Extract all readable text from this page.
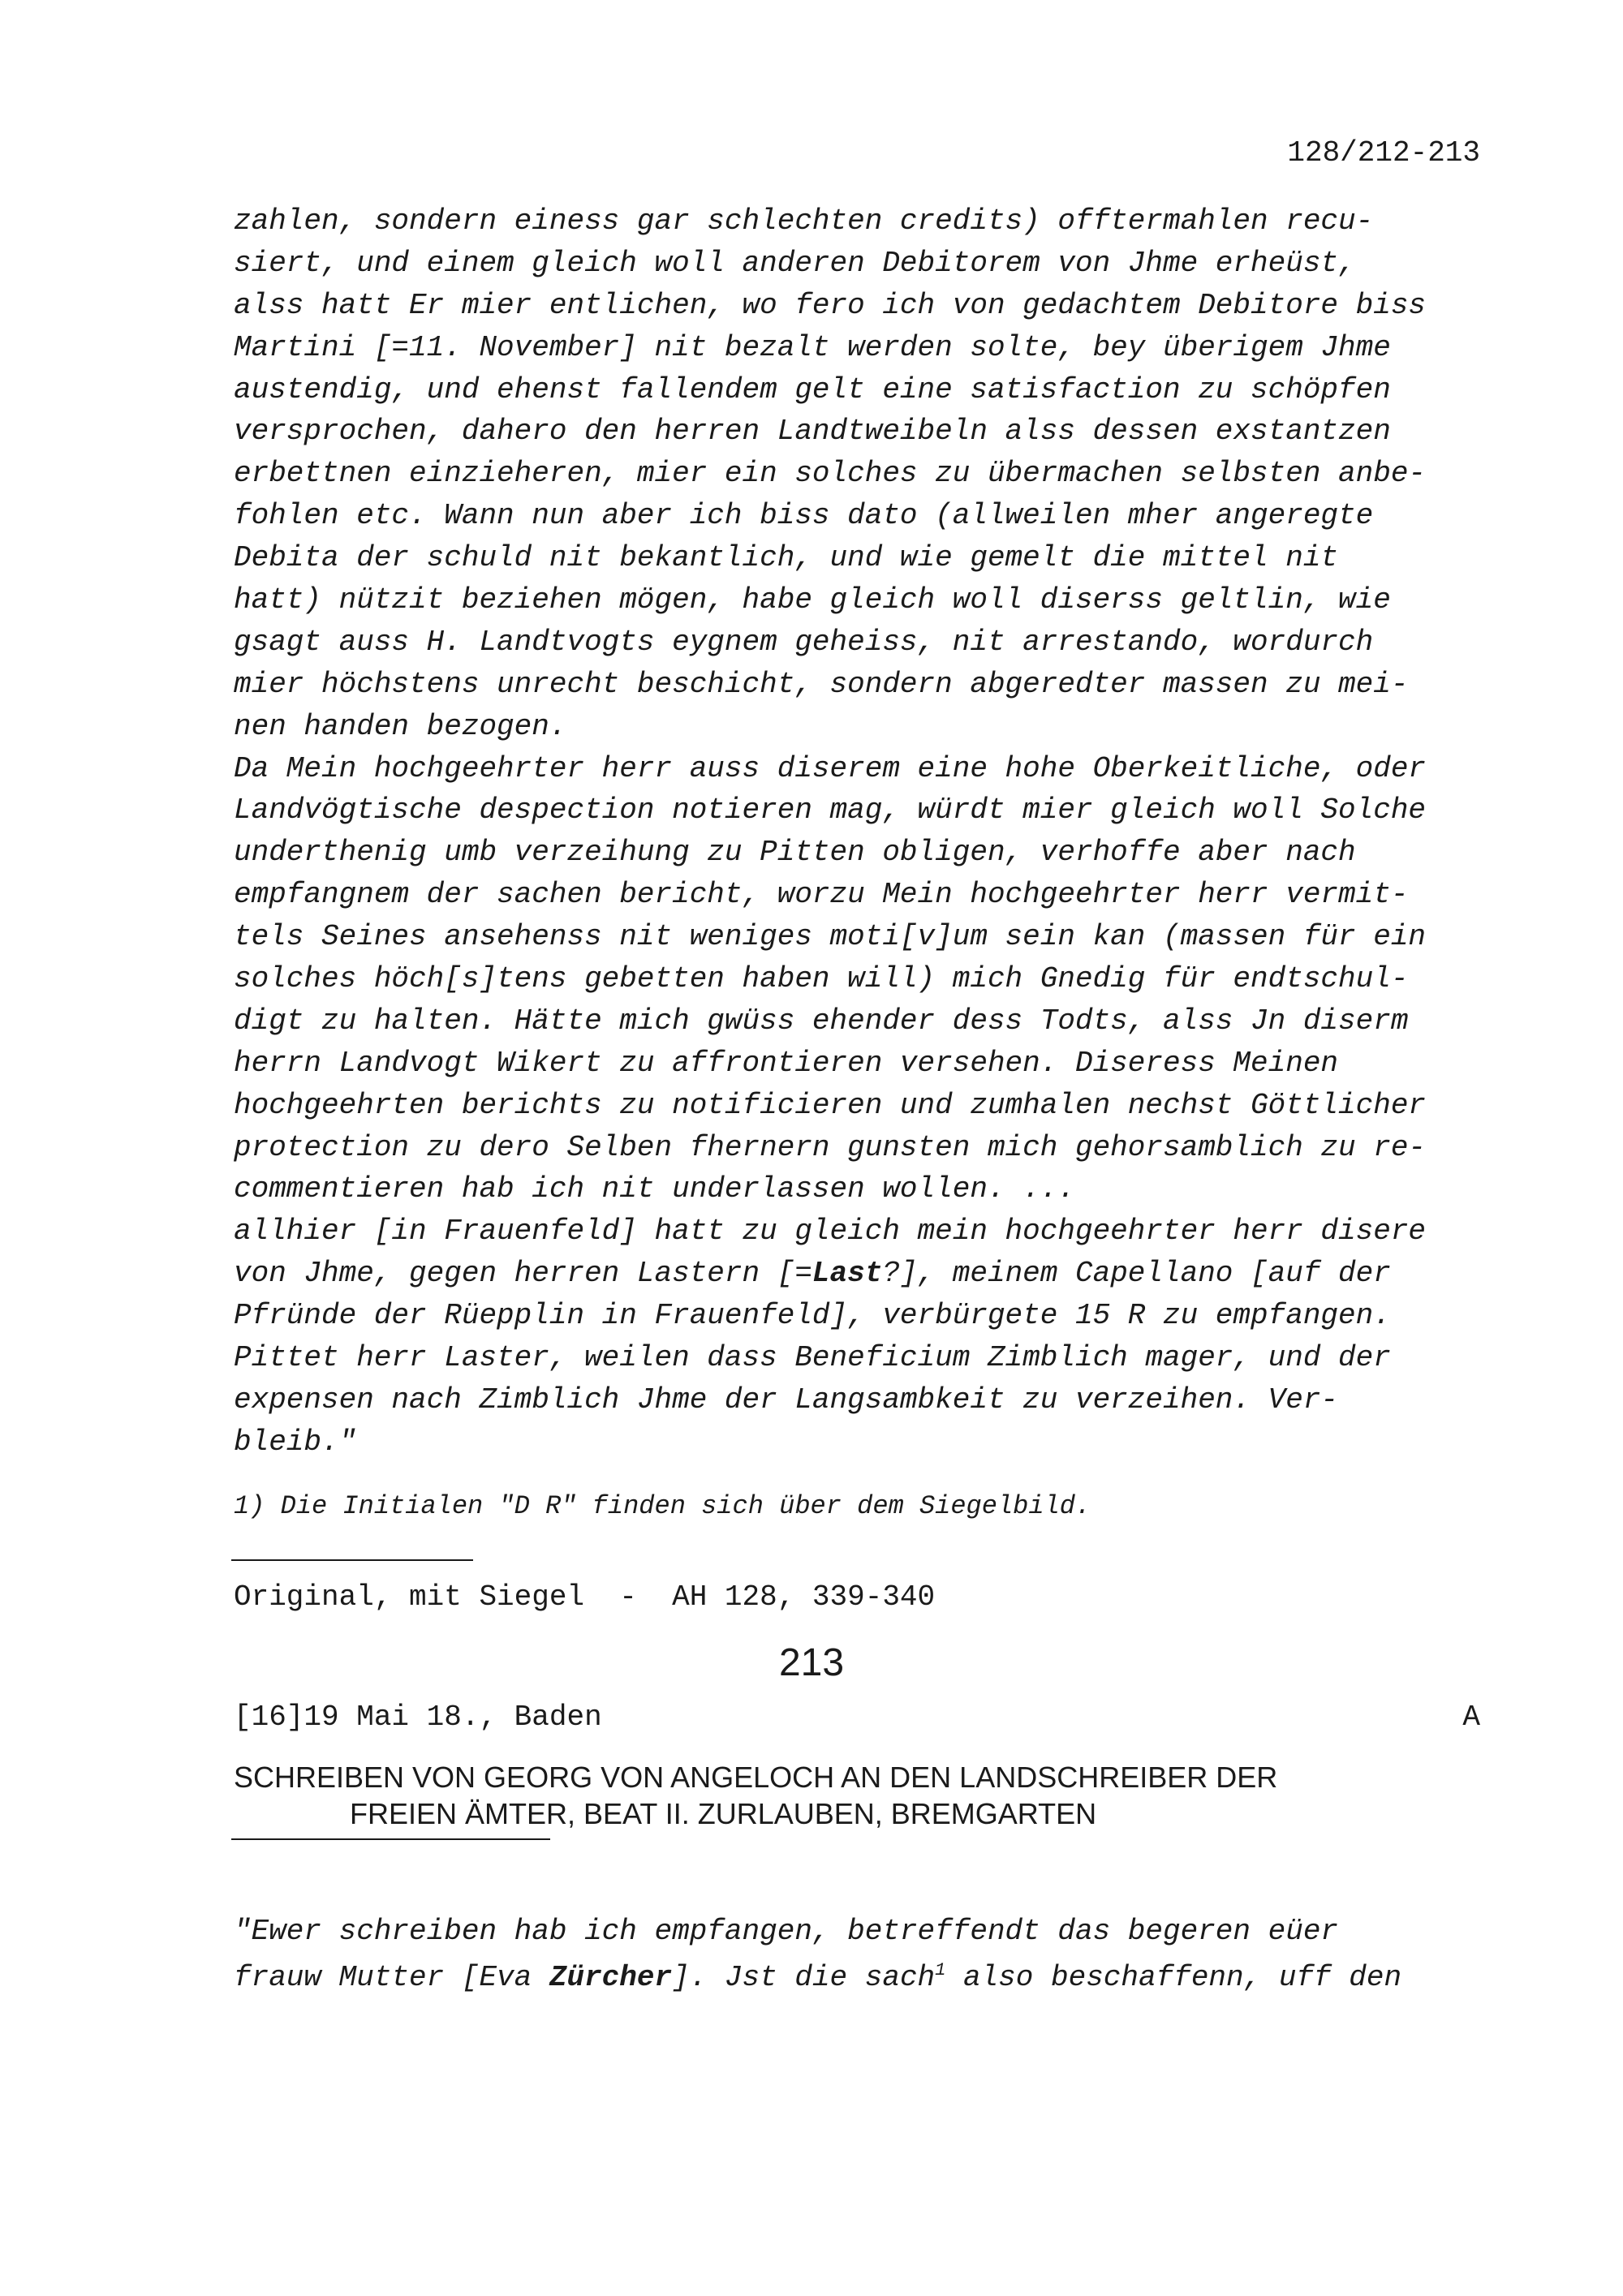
128/212-213
zahlen, sondern einess gar schlechten credits) offtermahlen recu-
siert, und einem gleich woll anderen Debitorem von Jhme erheüst,
alss hatt Er mier entlichen, wo fero ich von gedachtem Debitore biss
Martini [=11. November] nit bezalt werden solte, bey überigem Jhme
austendig, und ehenst fallendem gelt eine satisfaction zu schöpfen
versprochen, dahero den herren Landtweibeln alss dessen exstantzen
erbettnen einzieheren, mier ein solches zu übermachen selbsten anbe-
fohlen etc. Wann nun aber ich biss dato (allweilen mher angeregte
Debita der schuld nit bekantlich, und wie gemelt die mittel nit
hatt) nützit beziehen mögen, habe gleich woll diserss geltlin, wie
gsagt auss H. Landtvogts eygnem geheiss, nit arrestando, wordurch
mier höchstens unrecht beschicht, sondern abgeredter massen zu mei-
nen handen bezogen.
Da Mein hochgeehrter herr auss diserem eine hohe Oberkeitliche, oder
Landvögtische despection notieren mag, würdt mier gleich woll Solche
underthenig umb verzeihung zu Pitten obligen, verhoffe aber nach
empfangnem der sachen bericht, worzu Mein hochgeehrter herr vermit-
tels Seines ansehenss nit weniges moti[v]um sein kan (massen für ein
solches höch[s]tens gebetten haben will) mich Gnedig für endtschul-
digt zu halten. Hätte mich gwüss ehender dess Todts, alss Jn diserm
herrn Landvogt Wikert zu affrontieren versehen. Diseress Meinen
hochgeehrten berichts zu notificieren und zumhalen nechst Göttlicher
protection zu dero Selben fhernern gunsten mich gehorsamblich zu re-
commentieren hab ich nit underlassen wollen. ...
allhier [in Frauenfeld] hatt zu gleich mein hochgeehrter herr disere
von Jhme, gegen herren Lastern [=Last?], meinem Capellano [auf der
Pfründe der Rüepplin in Frauenfeld], verbürgete 15 R zu empfangen.
Pittet herr Laster, weilen dass Beneficium Zimblich mager, und der
expensen nach Zimblich Jhme der Langsambkeit zu verzeihen. Ver-
bleib."
1) Die Initialen "D R" finden sich über dem Siegelbild.
Original, mit Siegel  -  AH 128, 339-340
213
[16]19 Mai 18., Baden	A
SCHREIBEN VON GEORG VON ANGELOCH AN DEN LANDSCHREIBER DER
FREIEN ÄMTER, BEAT II. ZURLAUBEN, BREMGARTEN
"Ewer schreiben hab ich empfangen, betreffendt das begeren eüer
frauw Mutter [Eva Zürcher]. Jst die sach$^1$ also beschaffenn, uff den
